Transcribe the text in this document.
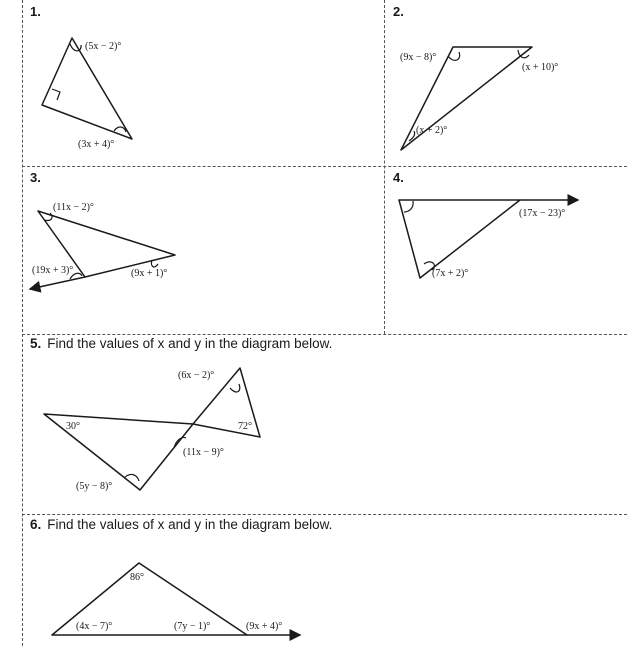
1.	2.
3.	4.
5. Find the values of x and y in the diagram below.
6. Find the values of x and y in the diagram below.
(5x − 2)°
(3x + 4)°
(9x − 8)°
(x + 10)°
(x + 2)°
(11x − 2)°
(19x + 3)°	(9x + 1)°
(17x − 23)°
(7x + 2)°
(6x − 2)°
30°	72°
(11x − 9)°
(5y − 8)°
86°
(4x − 7)°	(7y − 1)°	(9x + 4)°
